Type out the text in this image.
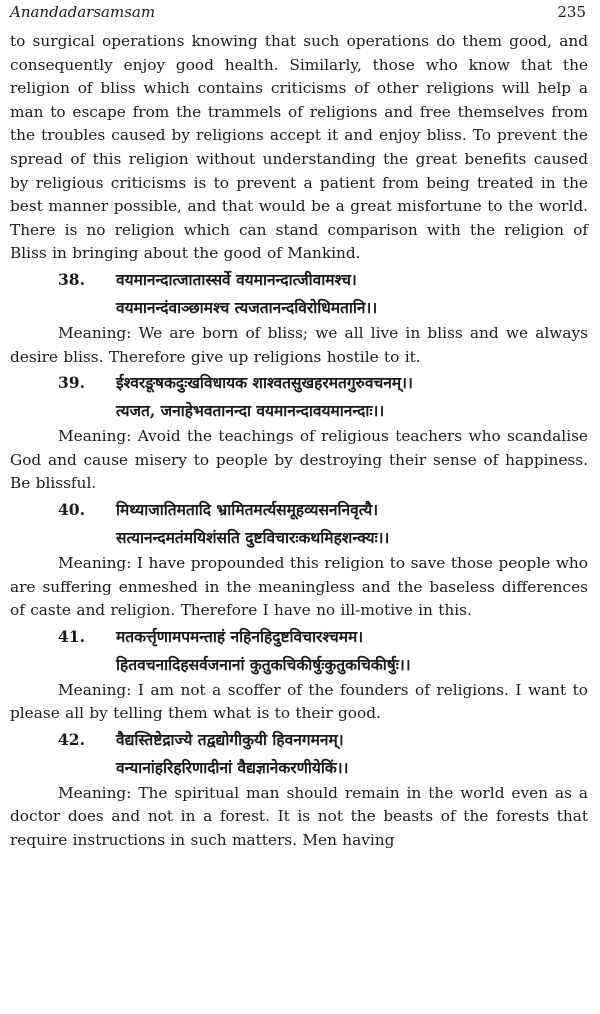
Anandadarsamsam	235

to surgical operations knowing that such operations do them good, and consequently enjoy good health. Similarly, those who know that the religion of bliss which contains criticisms of other religions will help a man to escape from the trammels of religions and free themselves from the troubles caused by religions accept it and enjoy bliss. To prevent the spread of this religion without understanding the great benefits caused by religious criticisms is to prevent a patient from being treated in the best manner possible, and that would be a great misfortune to the world. There is no religion which can stand comparison with the religion of Bliss in bringing about the good of Mankind.

38. वयमानन्दात्जातास्सर्वे वयमानन्दात्जीवामश्च।

वयमानन्दंवाञ्छामश्च त्यजतानन्दविरोधिमतानि।।

Meaning: We are born of bliss; we all live in bliss and we always desire bliss. Therefore give up religions hostile to it.

39. ईश्वरङूषकदुःखविधायक शाश्वतसुखहरमतगुरुवचनम्।।

त्यजत, जनाहेभवतानन्दा वयमानन्दावयमानन्दाः।।

Meaning: Avoid the teachings of religious teachers who scandalise God and cause misery to people by destroying their sense of happiness. Be blissful.

40. मिथ्याजातिमतादि भ्रामितमर्त्यसमूहव्यसननिवृत्यै।

सत्यानन्दमतंमयिशंसति दुष्टविचारःकथमिहशन्क्यः।।

Meaning: I have propounded this religion to save those people who are suffering enmeshed in the meaningless and the baseless differences of caste and religion. Therefore I have no ill-motive in this.

41. मतकर्त्तृणामपमन्ताहं नहिनहिदुष्टविचारश्चमम।

हितवचनादिहसर्वजनानां कुतुकचिकीर्षुःकुतुकचिकीर्षुः।।

Meaning: I am not a scoffer of the founders of religions. I want to please all by telling them what is to their good.

42. वैद्यस्तिष्टेद्राज्ये तद्वद्योगीकुयी हिवनगमनम्।

वन्यानांहरिहरिणादीनां वैद्यज्ञानेकरणीयेकिं।।

Meaning: The spiritual man should remain in the world even as a doctor does and not in a forest. It is not the beasts of the forests that require instructions in such matters. Men having
